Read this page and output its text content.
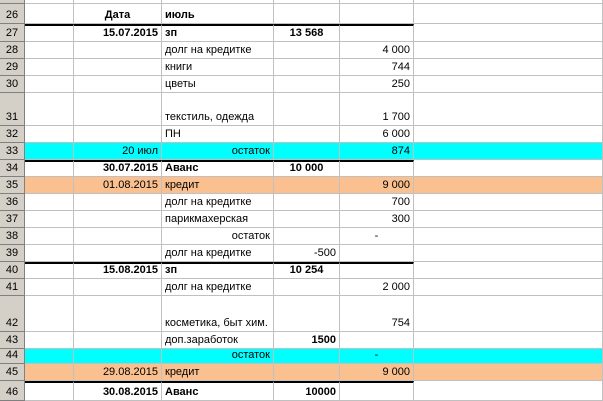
26	Дата	июль
27	15.07.2015 зп	13 568
28	долг на кредитке	4 000
29	книги	744
30	цветы	250
31	текстиль, одежда	1 700
32	ПН	6 000
33	20 июл	остаток	874
34	30.07.2015 Аванс	10 000
35	01.08.2015 кредит	9 000
36	долг на кредитке	700
37	парикмахерская	300
38	остаток	-
39	долг на кредитке	-500
40	15.08.2015 зп	10 254
41	долг на кредитке	2 000
42	косметика, быт хим.	754
43	доп.заработок	1500
44	остаток	-
45	29.08.2015 кредит	9 000
46	30.08.2015 Аванс	10000
